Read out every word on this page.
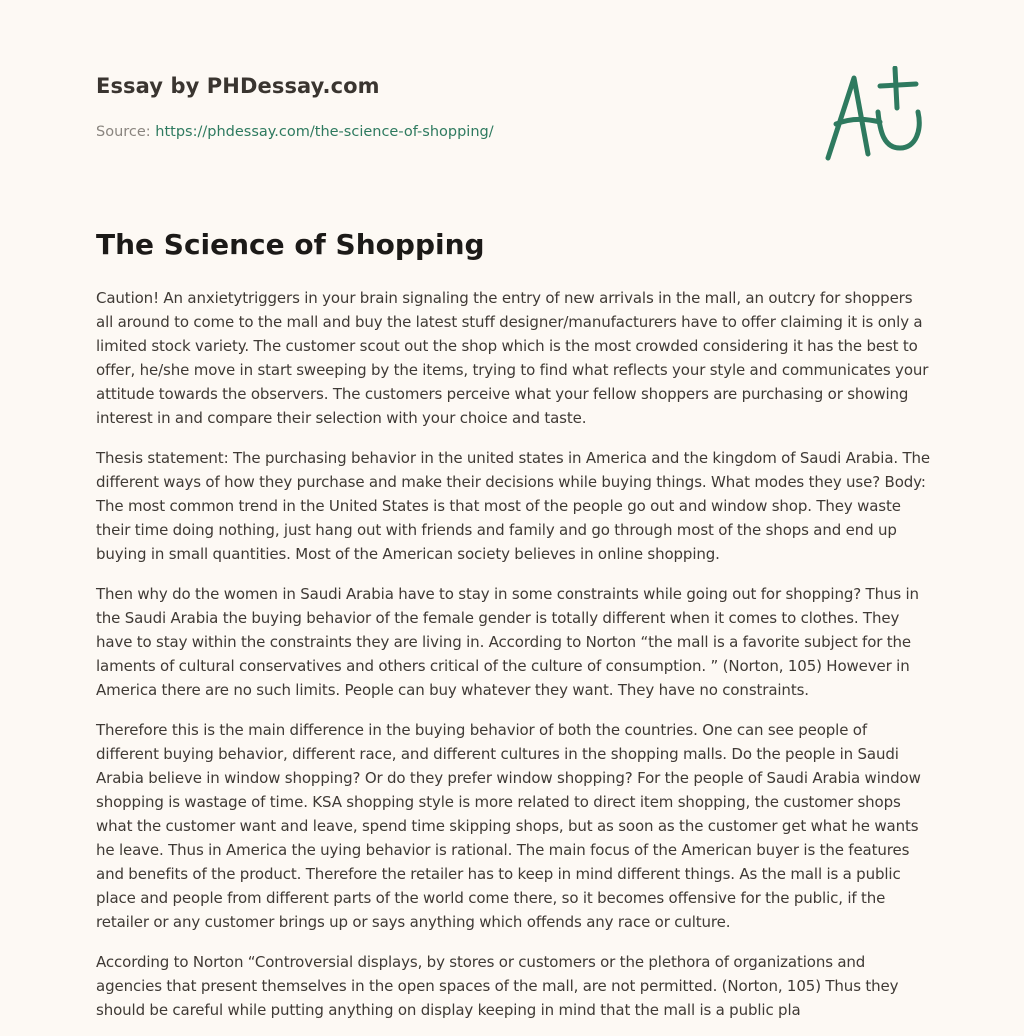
Essay by PHDessay.com
Source: https://phdessay.com/the-science-of-shopping/
The Science of Shopping

Caution! An anxietytriggers in your brain signaling the entry of new arrivals in the mall, an outcry for shoppers all around to come to the mall and buy the latest stuff designer/manufacturers have to offer claiming it is only a limited stock variety. The customer scout out the shop which is the most crowded considering it has the best to offer, he/she move in start sweeping by the items, trying to find what reflects your style and communicates your attitude towards the observers. The customers perceive what your fellow shoppers are purchasing or showing interest in and compare their selection with your choice and taste.

Thesis statement: The purchasing behavior in the united states in America and the kingdom of Saudi Arabia. The different ways of how they purchase and make their decisions while buying things. What modes they use? Body: The most common trend in the United States is that most of the people go out and window shop. They waste their time doing nothing, just hang out with friends and family and go through most of the shops and end up buying in small quantities. Most of the American society believes in online shopping.

Then why do the women in Saudi Arabia have to stay in some constraints while going out for shopping? Thus in the Saudi Arabia the buying behavior of the female gender is totally different when it comes to clothes. They have to stay within the constraints they are living in. According to Norton “the mall is a favorite subject for the laments of cultural conservatives and others critical of the culture of consumption. ” (Norton, 105) However in America there are no such limits. People can buy whatever they want. They have no constraints.

Therefore this is the main difference in the buying behavior of both the countries. One can see people of different buying behavior, different race, and different cultures in the shopping malls. Do the people in Saudi Arabia believe in window shopping? Or do they prefer window shopping? For the people of Saudi Arabia window shopping is wastage of time. KSA shopping style is more related to direct item shopping, the customer shops what the customer want and leave, spend time skipping shops, but as soon as the customer get what he wants he leave. Thus in America the uying behavior is rational. The main focus of the American buyer is the features and benefits of the product. Therefore the retailer has to keep in mind different things. As the mall is a public place and people from different parts of the world come there, so it becomes offensive for the public, if the retailer or any customer brings up or says anything which offends any race or culture.

According to Norton “Controversial displays, by stores or customers or the plethora of organizations and agencies that present themselves in the open spaces of the mall, are not permitted. (Norton, 105) Thus they should be careful while putting anything on display keeping in mind that the mall is a public pla
